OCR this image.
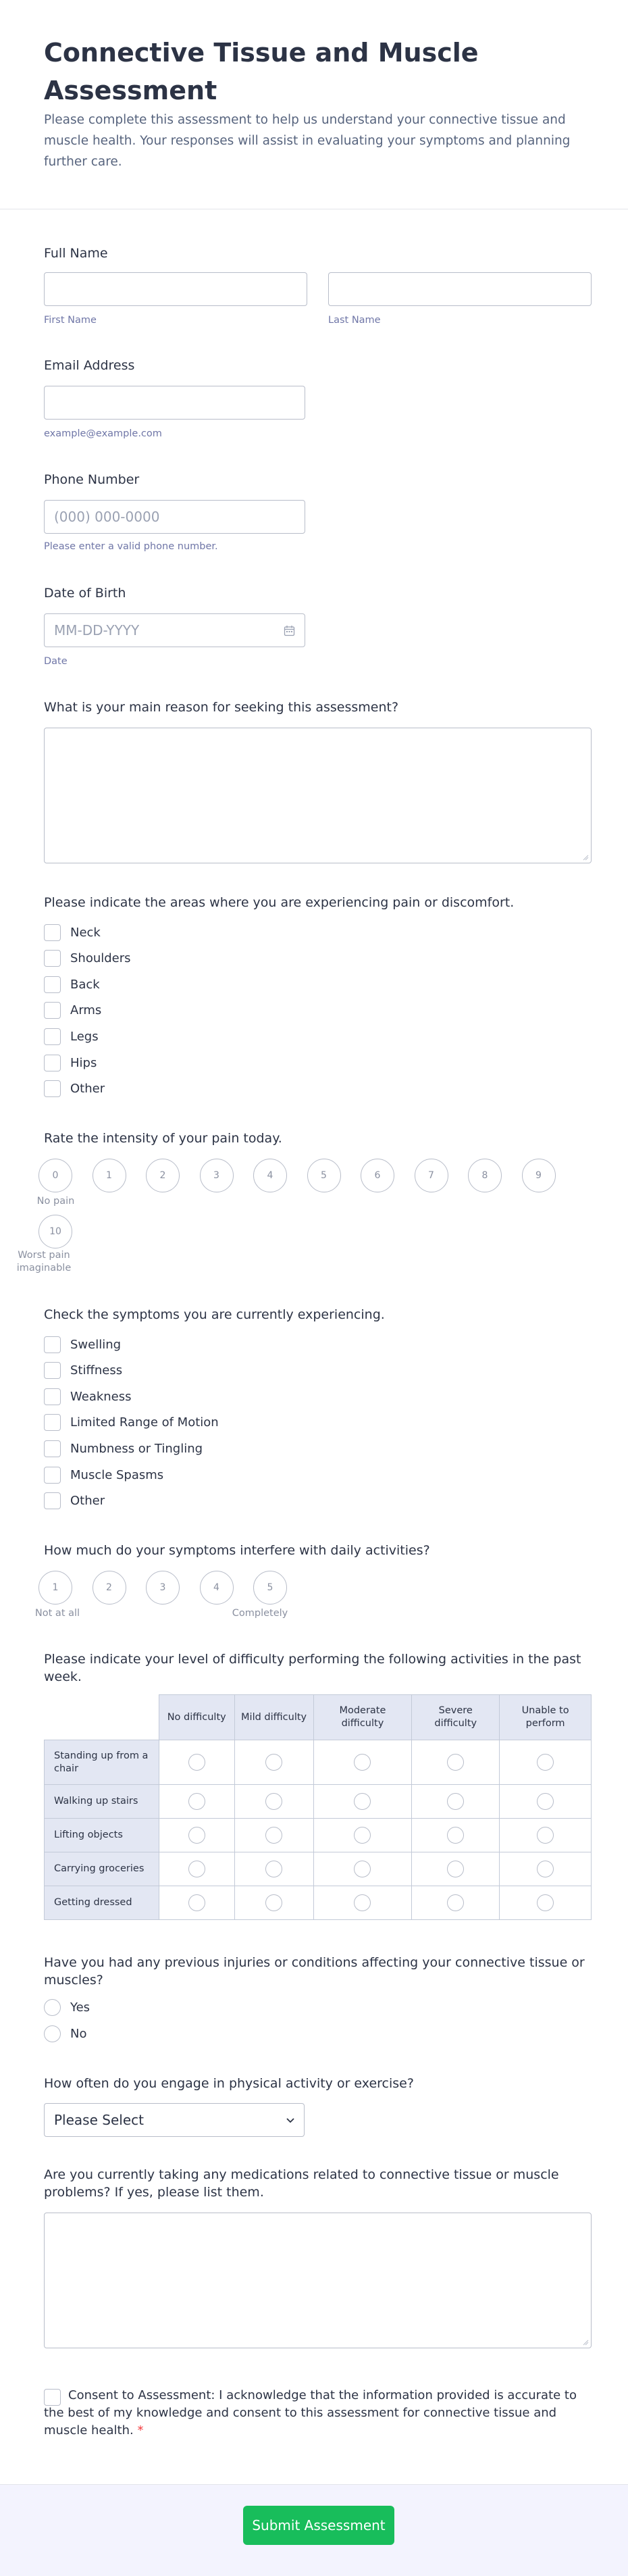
Connective Tissue and Muscle Assessment
Please complete this assessment to help us understand your connective tissue and muscle health. Your responses will assist in evaluating your symptoms and planning further care.
Full Name
First Name	Last Name
Email Address
example@example.com
Phone Number
(000) 000-0000
Please enter a valid phone number.
Date of Birth
MM-DD-YYYY
Date
What is your main reason for seeking this assessment?
Please indicate the areas where you are experiencing pain or discomfort.
Neck
Shoulders
Back
Arms
Legs
Hips
Other
Rate the intensity of your pain today.
0	1	2	3	4	5	6	7	8	9
10
No pain
Worst pain imaginable
Check the symptoms you are currently experiencing.
Swelling
Stiffness
Weakness
Limited Range of Motion
Numbness or Tingling
Muscle Spasms
Other
How much do your symptoms interfere with daily activities?
1	2	3	4	5
Not at all	Completely
Please indicate your level of difficulty performing the following activities in the past week.
	No difficulty	Mild difficulty	Moderate difficulty	Severe difficulty	Unable to perform
Standing up from a chair					
Walking up stairs					
Lifting objects					
Carrying groceries					
Getting dressed					
Have you had any previous injuries or conditions affecting your connective tissue or muscles?
Yes
No
How often do you engage in physical activity or exercise?
Please Select
Are you currently taking any medications related to connective tissue or muscle problems? If yes, please list them.
Consent to Assessment: I acknowledge that the information provided is accurate to the best of my knowledge and consent to this assessment for connective tissue and muscle health. *
Submit Assessment
